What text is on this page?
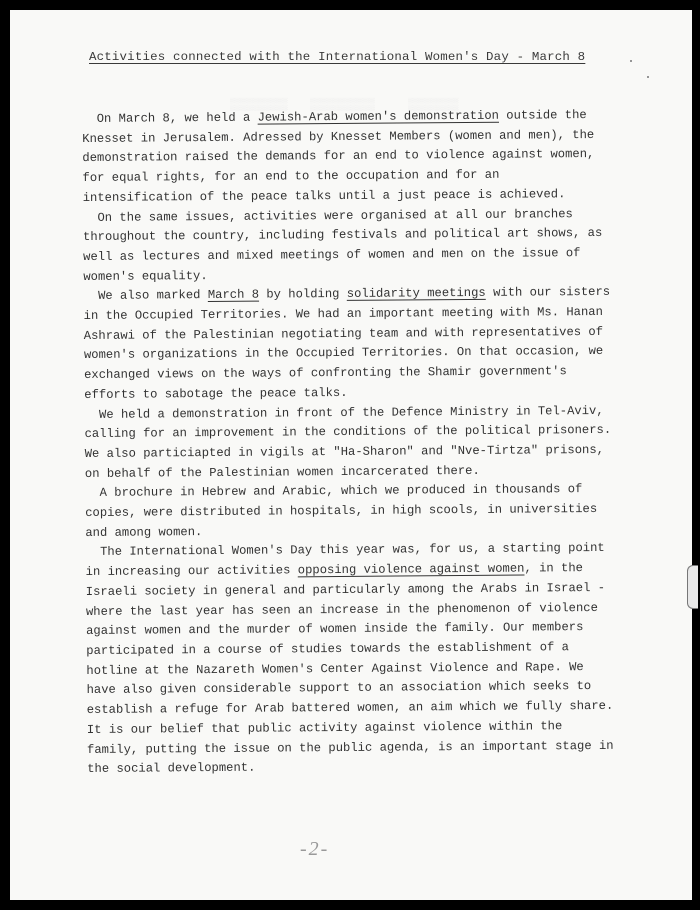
▒▒▒▒▒▒▒▒ ▒▒▒▒▒▒▒▒▒	▒▒▒▒▒▒▒
Activities connected with the International Women's Day - March 8

On March 8, we held a Jewish-Arab women's demonstration outside the Knesset in Jerusalem. Adressed by Knesset Members (women and men), the demonstration raised the demands for an end to violence against women, for equal rights, for an end to the occupation and for an intensification of the peace talks until a just peace is achieved.

On the same issues, activities were organised at all our branches throughout the country, including festivals and political art shows, as well as lectures and mixed meetings of women and men on the issue of women's equality.

We also marked March 8 by holding solidarity meetings with our sisters in the Occupied Territories. We had an important meeting with Ms. Hanan Ashrawi of the Palestinian negotiating team and with representatives of women's organizations in the Occupied Territories. On that occasion, we exchanged views on the ways of confronting the Shamir government's efforts to sabotage the peace talks.

We held a demonstration in front of the Defence Ministry in Tel-Aviv, calling for an improvement in the conditions of the political prisoners. We also particiapted in vigils at "Ha-Sharon" and "Nve-Tirtza" prisons, on behalf of the Palestinian women incarcerated there.

A brochure in Hebrew and Arabic, which we produced in thousands of copies, were distributed in hospitals, in high scools, in universities and among women.

The International Women's Day this year was, for us, a starting point in increasing our activities opposing violence against women, in the Israeli society in general and particularly among the Arabs in Israel - where the last year has seen an increase in the phenomenon of violence against women and the murder of women inside the family. Our members participated in a course of studies towards the establishment of a hotline at the Nazareth Women's Center Against Violence and Rape. We have also given considerable support to an association which seeks to establish a refuge for Arab battered women, an aim which we fully share. It is our belief that public activity against violence within the family, putting the issue on the public agenda, is an important stage in the social development.

-2-
